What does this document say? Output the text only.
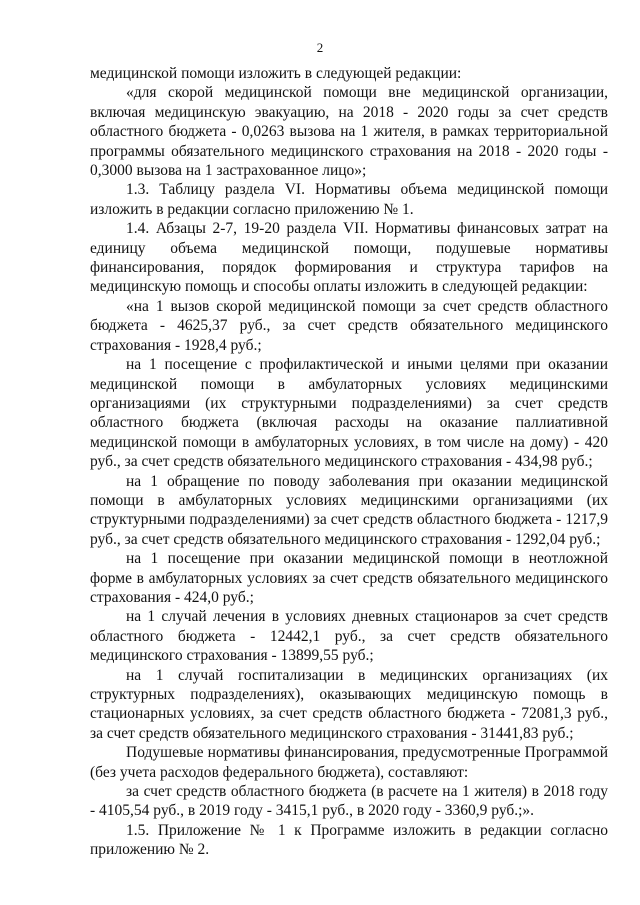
2

медицинской помощи изложить в следующей редакции:

«для скорой медицинской помощи вне медицинской организации, включая медицинскую эвакуацию, на 2018 - 2020 годы за счет средств областного бюджета - 0,0263 вызова на 1 жителя, в рамках территориальной программы обязательного медицинского страхования на 2018 - 2020 годы - 0,3000 вызова на 1 застрахованное лицо»;

1.3. Таблицу раздела VI. Нормативы объема медицинской помощи изложить в редакции согласно приложению № 1.

1.4. Абзацы 2-7, 19-20 раздела VII. Нормативы финансовых затрат на единицу объема медицинской помощи, подушевые нормативы финансирования, порядок формирования и структура тарифов на медицинскую помощь и способы оплаты изложить в следующей редакции:

«на 1 вызов скорой медицинской помощи за счет средств областного бюджета - 4625,37 руб., за счет средств обязательного медицинского страхования - 1928,4 руб.;

на 1 посещение с профилактической и иными целями при оказании медицинской помощи в амбулаторных условиях медицинскими организациями (их структурными подразделениями) за счет средств областного бюджета (включая расходы на оказание паллиативной медицинской помощи в амбулаторных условиях, в том числе на дому) - 420 руб., за счет средств обязательного медицинского страхования - 434,98 руб.;

на 1 обращение по поводу заболевания при оказании медицинской помощи в амбулаторных условиях медицинскими организациями (их структурными подразделениями) за счет средств областного бюджета - 1217,9 руб., за счет средств обязательного медицинского страхования - 1292,04 руб.;

на 1 посещение при оказании медицинской помощи в неотложной форме в амбулаторных условиях за счет средств обязательного медицинского страхования - 424,0 руб.;

на 1 случай лечения в условиях дневных стационаров за счет средств областного бюджета - 12442,1 руб., за счет средств обязательного медицинского страхования - 13899,55 руб.;

на 1 случай госпитализации в медицинских организациях (их структурных подразделениях), оказывающих медицинскую помощь в стационарных условиях, за счет средств областного бюджета - 72081,3 руб., за счет средств обязательного медицинского страхования - 31441,83 руб.;

Подушевые нормативы финансирования, предусмотренные Программой (без учета расходов федерального бюджета), составляют:

за счет средств областного бюджета (в расчете на 1 жителя) в 2018 году - 4105,54 руб., в 2019 году - 3415,1 руб., в 2020 году - 3360,9 руб.;».

1.5. Приложение № 1 к Программе изложить в редакции согласно приложению № 2.
